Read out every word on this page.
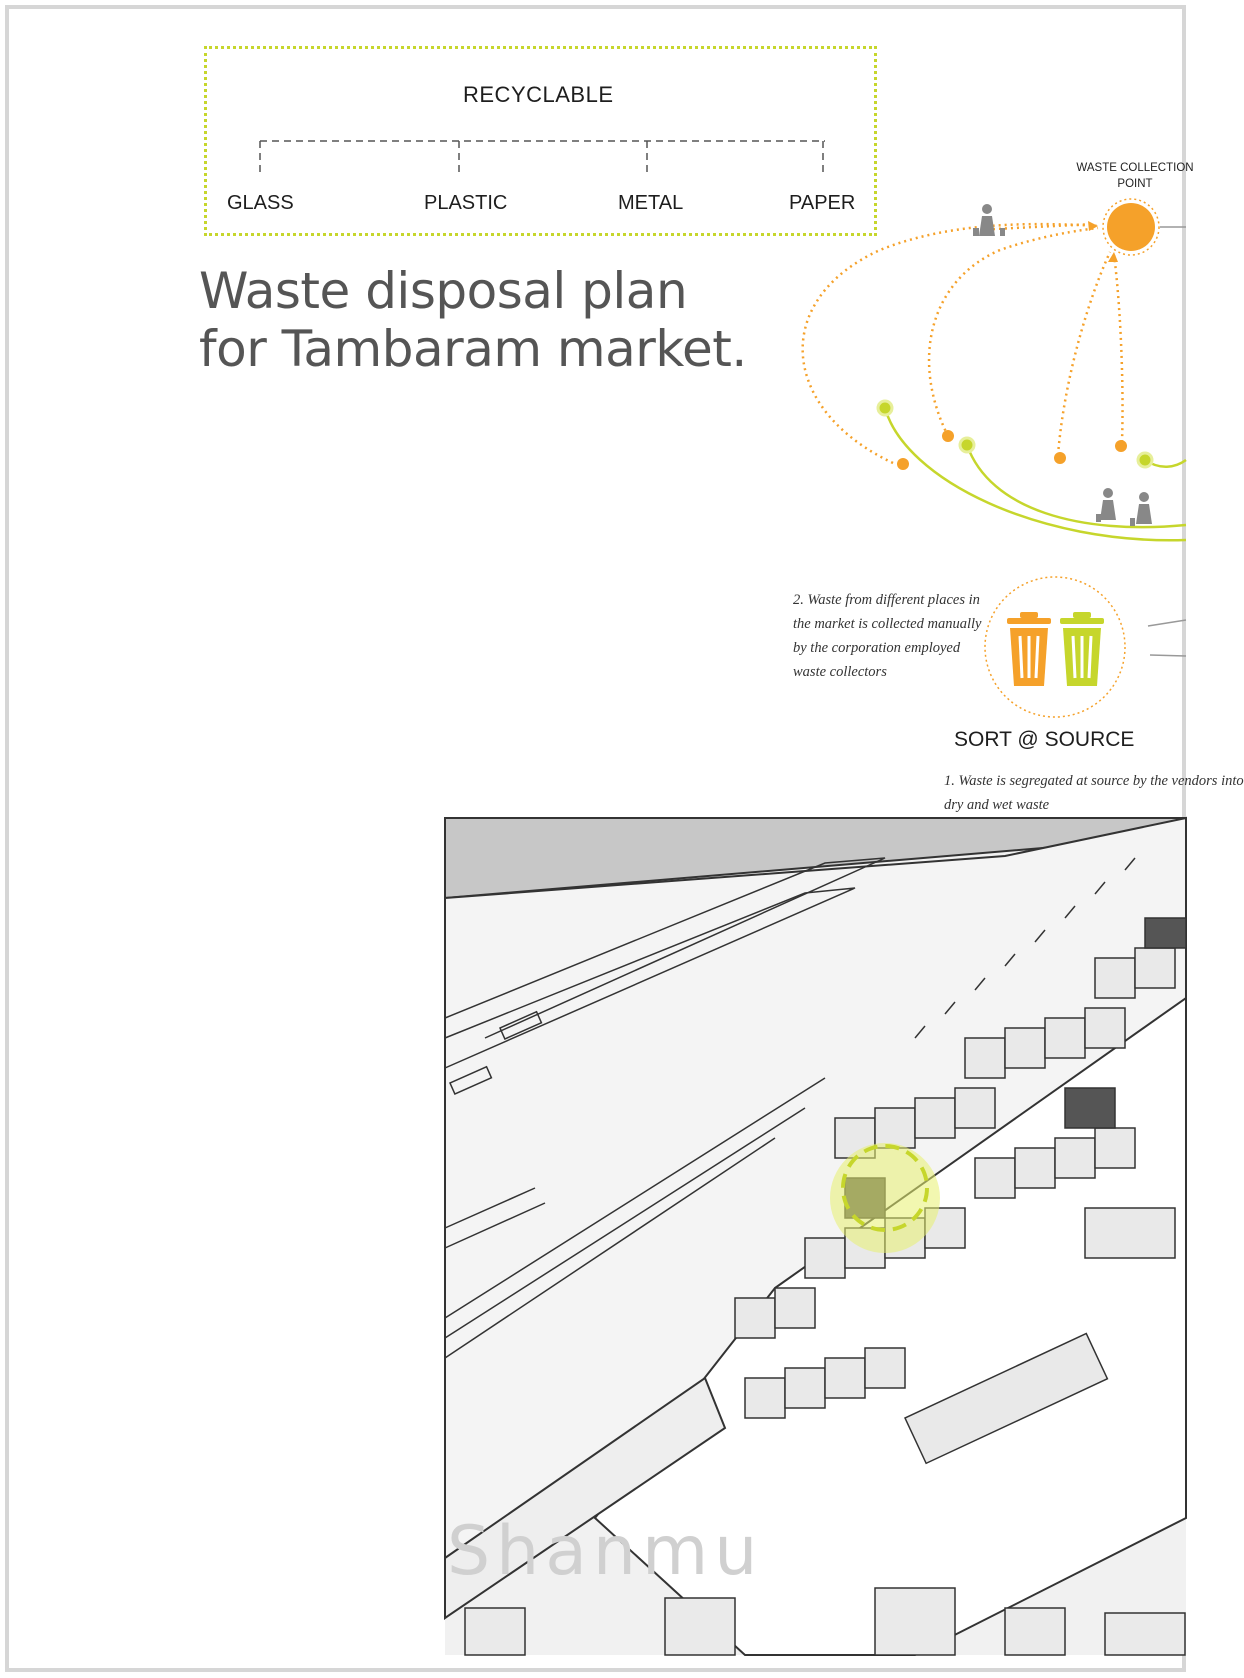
RECYCLABLE
GLASS	PLASTIC	METAL	PAPER
Waste disposal plan
for Tambaram market.
WASTE COLLECTION
POINT
2. Waste from different places in the market is collected manually by the corporation employed waste collectors
SORT @ SOURCE
1. Waste is segregated at source by the vendors into dry and wet waste
Shanmu
